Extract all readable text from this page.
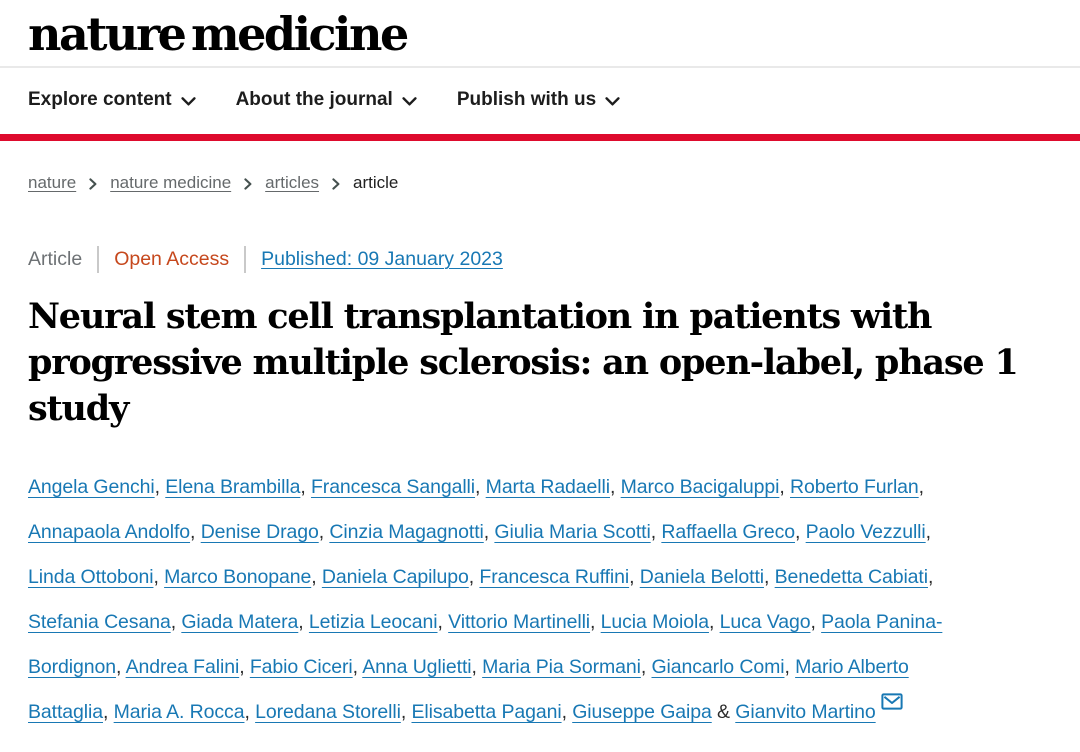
nature medicine
Explore content	About the journal	Publish with us
nature nature medicine articles article
Article Open Access Published: 09 January 2023
Neural stem cell transplantation in patients with
progressive multiple sclerosis: an open-label, phase 1
study
Angela Genchi, Elena Brambilla, Francesca Sangalli, Marta Radaelli, Marco Bacigaluppi, Roberto Furlan,
Annapaola Andolfo, Denise Drago, Cinzia Magagnotti, Giulia Maria Scotti, Raffaella Greco, Paolo Vezzulli,
Linda Ottoboni, Marco Bonopane, Daniela Capilupo, Francesca Ruffini, Daniela Belotti, Benedetta Cabiati,
Stefania Cesana, Giada Matera, Letizia Leocani, Vittorio Martinelli, Lucia Moiola, Luca Vago, Paola Panina-
Bordignon, Andrea Falini, Fabio Ciceri, Anna Uglietti, Maria Pia Sormani, Giancarlo Comi, Mario Alberto
Battaglia, Maria A. Rocca, Loredana Storelli, Elisabetta Pagani, Giuseppe Gaipa & Gianvito Martino
